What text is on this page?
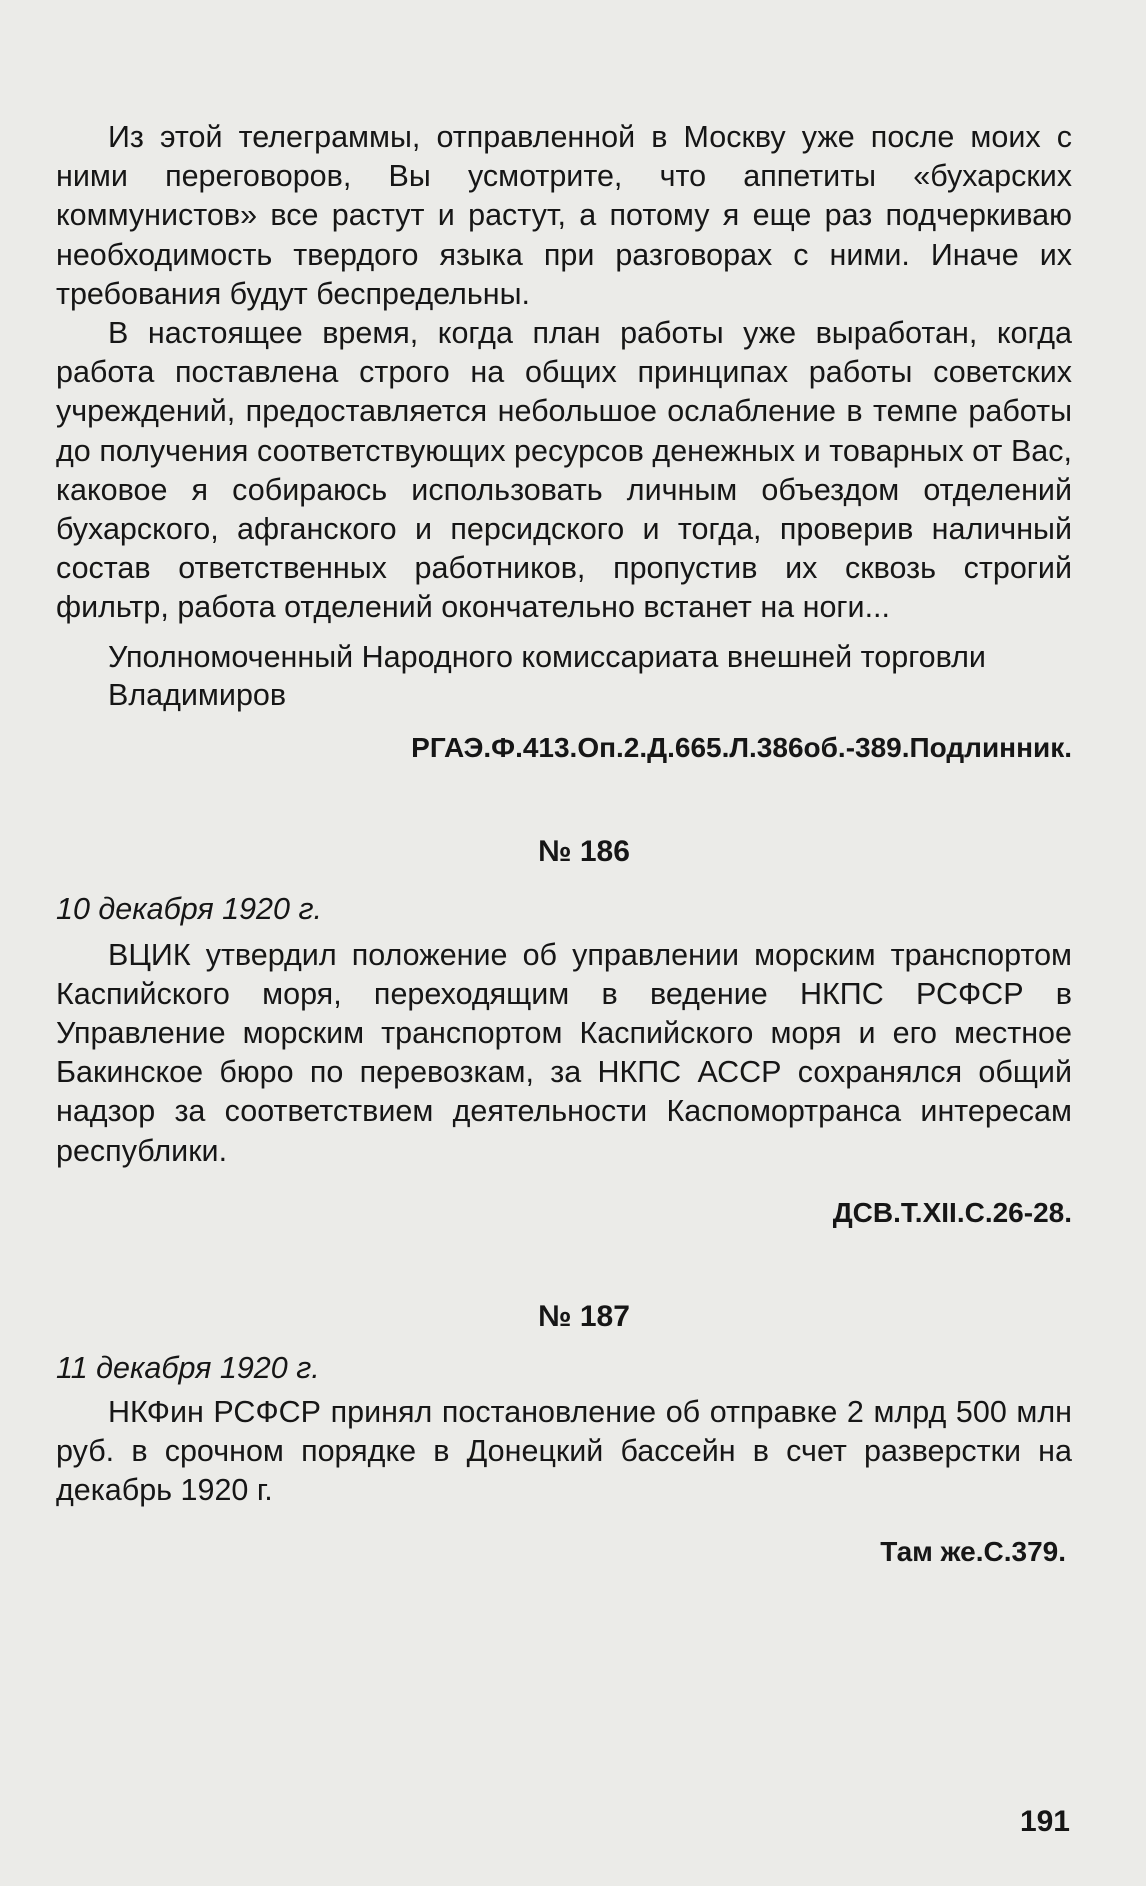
Из этой телеграммы, отправленной в Москву уже после моих с ними переговоров, Вы усмотрите, что аппетиты «бухарских коммунистов» все растут и растут, а потому я еще раз подчеркиваю необходимость твердого языка при разговорах с ними. Иначе их требования будут беспредельны.

В настоящее время, когда план работы уже выработан, когда работа поставлена строго на общих принципах работы советских учреждений, предоставляется небольшое ослабление в темпе работы до получения соответствующих ресурсов денежных и товарных от Вас, каковое я собираюсь использовать личным объездом отделений бухарского, афганского и персидского и тогда, проверив наличный состав ответственных работников, пропустив их сквозь строгий фильтр, работа отделений окончательно встанет на ноги...

Уполномоченный Народного комиссариата внешней торговли
Владимиров
РГАЭ.Ф.413.Оп.2.Д.665.Л.386об.-389.Подлинник.
№ 186
10 декабря 1920 г.

ВЦИК утвердил положение об управлении морским транспортом Каспийского моря, переходящим в ведение НКПС РСФСР в Управление морским транспортом Каспийского моря и его местное Бакинское бюро по перевозкам, за НКПС АССР сохранялся общий надзор за соответствием деятельности Каспомортранса интересам республики.

ДСВ.Т.XII.С.26-28.
№ 187
11 декабря 1920 г.

НКФин РСФСР принял постановление об отправке 2 млрд 500 млн руб. в срочном порядке в Донецкий бассейн в счет разверстки на декабрь 1920 г.

Там же.С.379.
191
